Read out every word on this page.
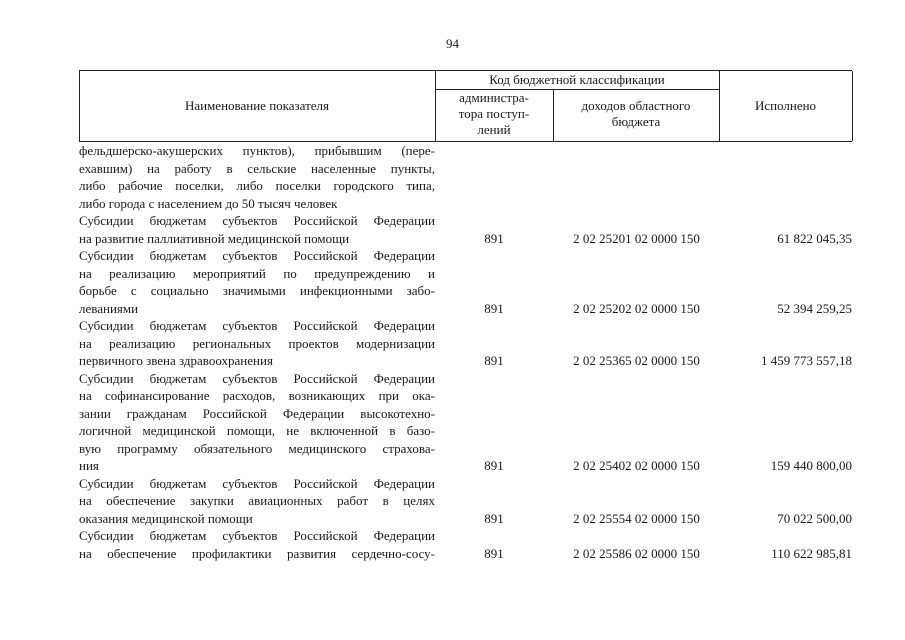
94
Наименование показателя
Код бюджетной классификации
администра-
тора поступ-
лений
доходов областного
бюджета
Исполнено
фельдшерско-акушерских пунктов), прибывшим (пере-
ехавшим) на работу в сельские населенные пункты,
либо рабочие поселки, либо поселки городского типа,
либо города с населением до 50 тысяч человек
Субсидии бюджетам субъектов Российской Федерации
на развитие паллиативной медицинской помощи	891	2 02 25201 02 0000 150	61 822 045,35
Субсидии бюджетам субъектов Российской Федерации
на реализацию мероприятий по предупреждению и
борьбе с социально значимыми инфекционными забо-
леваниями	891	2 02 25202 02 0000 150	52 394 259,25
Субсидии бюджетам субъектов Российской Федерации
на реализацию региональных проектов модернизации
первичного звена здравоохранения	891	2 02 25365 02 0000 150	1 459 773 557,18
Субсидии бюджетам субъектов Российской Федерации
на софинансирование расходов, возникающих при ока-
зании гражданам Российской Федерации высокотехно-
логичной медицинской помощи, не включенной в базо-
вую программу обязательного медицинского страхова-
ния	891	2 02 25402 02 0000 150	159 440 800,00
Субсидии бюджетам субъектов Российской Федерации
на обеспечение закупки авиационных работ в целях
оказания медицинской помощи	891	2 02 25554 02 0000 150	70 022 500,00
Субсидии бюджетам субъектов Российской Федерации
на обеспечение профилактики развития сердечно-сосу-	891	2 02 25586 02 0000 150	110 622 985,81
